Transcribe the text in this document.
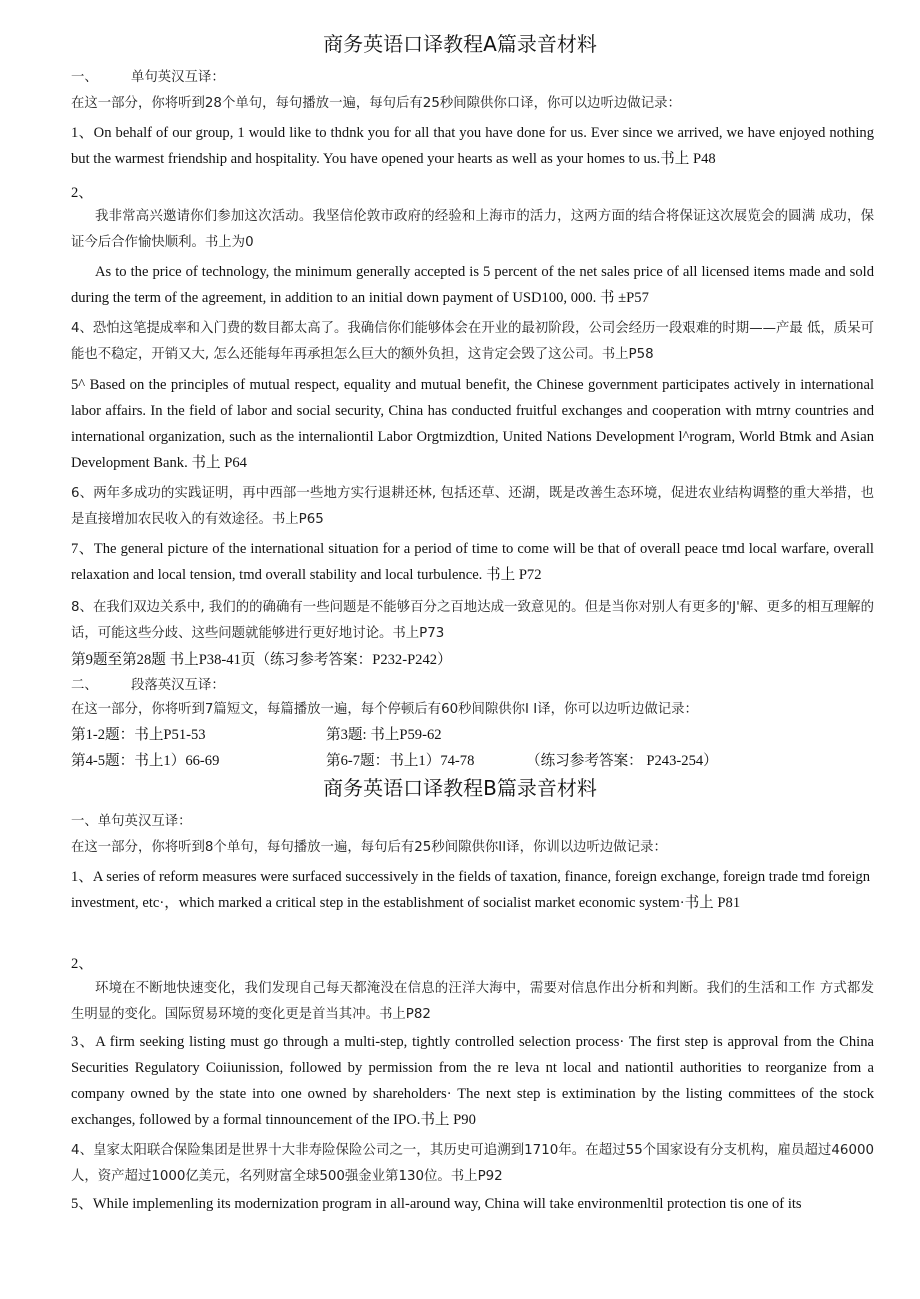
商务英语口译教程A篇录音材料
一、 单句英汉互译：
在这一部分，你将听到28个单句，每句播放一遍，每句后有25秒间隙供你口译，你可以边听边做记录：
1、On behalf of our group, 1 would like to thdnk you for all that you have done for us. Ever since we arrived, we have enjoyed nothing but the warmest friendship and hospitality. You have opened your hearts as well as your homes to us.书上 P48
2、
我非常高兴邀请你们参加这次活动。我坚信伦敦市政府的经验和上海市的活力，这两方面的结合将保证这次展览会的圆满 成功，保证今后合作愉快顺利。书上为0
As to the price of technology, the minimum generally accepted is 5 percent of the net sales price of all licensed items made and sold during the term of the agreement, in addition to an initial down payment of USD100, 000. 书 ±P57
4、恐怕这笔提成率和入门费的数目都太高了。我确信你们能够体会在开业的最初阶段，公司会经历一段艰难的时期——产最 低，质呆可能也不稳定，开销又大, 怎么还能每年再承担怎么巨大的额外负担，这肯定会毁了这公司。书上P58
5^ Based on the principles of mutual respect, equality and mutual benefit, the Chinese government participates actively in international labor affairs. In the field of labor and social security, China has conducted fruitful exchanges and cooperation with mtrny countries and international organization, such as the internaliontil Labor Orgtmizdtion, United Nations Development l^rogram, World Btmk and Asian Development Bank. 书上 P64
6、两年多成功的实践证明，再中西部一些地方实行退耕还林, 包括还草、还湖，既是改善生态环境，促进农业结构调整的重大举措，也是直接增加农民收入的有效途径。书上P65
7、The general picture of the international situation for a period of time to come will be that of overall peace tmd local warfare, overall relaxation and local tension, tmd overall stability and local turbulence. 书上 P72
8、在我们双边关系中, 我们的的确确有一些问题是不能够百分之百地达成一致意见的。但是当你对别人有更多的J'解、更多的相互理解的话，可能这些分歧、这些问题就能够进行更好地讨论。书上P73
第9题至第28题 书上P38-41页（练习参考答案：P232-P242）
二、 段落英汉互译：
在这一部分，你将听到7篇短文，每篇播放一遍，每个停顿后有60秒间隙供你I I译，你可以边听边做记录：
第1-2题：书上P51-53	第3题: 书上P59-62
第4-5题：书上1）66-69	第6-7题：书上1）74-78	（练习参考答案： P243-254）
商务英语口译教程B篇录音材料
一、单句英汉互译：
在这一部分，你将听到8个单句，每句播放一遍，每句后有25秒间隙供你II译，你训以边听边做记录：
1、A series of reform measures were surfaced successively in the fields of taxation, finance, foreign exchange, foreign trade tmd foreign investment, etc·，which marked a critical step in the establishment of socialist market economic system·书上 P81
2、
环境在不断地快速变化，我们发现自己每天都淹没在信息的汪洋大海中，需要对信息作出分析和判断。我们的生活和工作 方式都发生明显的变化。国际贸易环境的变化更是首当其冲。书上P82
3、A firm seeking listing must go through a multi-step, tightly controlled selection process· The first step is approval from the China Securities Regulatory Coiiunission, followed by permission from the re leva nt local and nationtil authorities to reorganize from a company owned by the state into one owned by shareholders· The next step is extimination by the listing committees of the stock exchanges, followed by a formal tinnouncement of the IPO.书上 P90
4、皇家太阳联合保险集团是世界十大非寿险保险公司之一，其历史可追溯到1710年。在超过55个国家设有分支机构，雇员超过46000人，资产超过1000亿美元，名列财富全球500强金业第130位。书上P92
5、While implemenling its modernization program in all-around way, China will take environmenltil protection tis one of its
